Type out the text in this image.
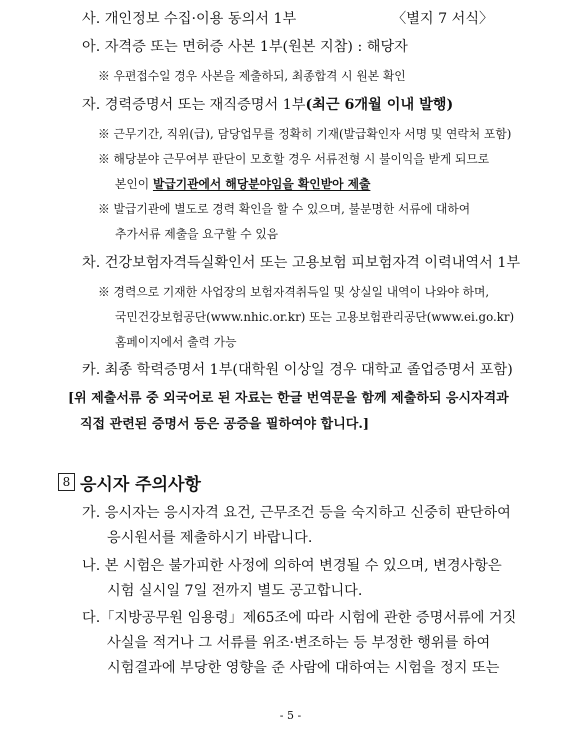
사. 개인정보 수집·이용 동의서 1부	〈별지 7 서식〉
아. 자격증 또는 면허증 사본 1부(원본 지참) : 해당자
※ 우편접수일 경우 사본을 제출하되, 최종합격 시 원본 확인
자. 경력증명서 또는 재직증명서 1부(최근 6개월 이내 발행)
※ 근무기간, 직위(급), 담당업무를 정확히 기재(발급확인자 서명 및 연락처 포함)
※ 해당분야 근무여부 판단이 모호할 경우 서류전형 시 불이익을 받게 되므로
본인이 발급기관에서 해당분야임을 확인받아 제출
※ 발급기관에 별도로 경력 확인을 할 수 있으며, 불분명한 서류에 대하여
추가서류 제출을 요구할 수 있음
차. 건강보험자격득실확인서 또는 고용보험 피보험자격 이력내역서 1부
※ 경력으로 기재한 사업장의 보험자격취득일 및 상실일 내역이 나와야 하며,
국민건강보험공단(www.nhic.or.kr) 또는 고용보험관리공단(www.ei.go.kr)
홈페이지에서 출력 가능
카. 최종 학력증명서 1부(대학원 이상일 경우 대학교 졸업증명서 포함)
[위 제출서류 중 외국어로 된 자료는 한글 번역문을 함께 제출하되 응시자격과
직접 관련된 증명서 등은 공증을 필하여야 합니다.]
8 응시자 주의사항
가. 응시자는 응시자격 요건, 근무조건 등을 숙지하고 신중히 판단하여
응시원서를 제출하시기 바랍니다.
나. 본 시험은 불가피한 사정에 의하여 변경될 수 있으며, 변경사항은
시험 실시일 7일 전까지 별도 공고합니다.
다.「지방공무원 임용령」제65조에 따라 시험에 관한 증명서류에 거짓
사실을 적거나 그 서류를 위조·변조하는 등 부정한 행위를 하여
시험결과에 부당한 영향을 준 사람에 대하여는 시험을 정지 또는
- 5 -
